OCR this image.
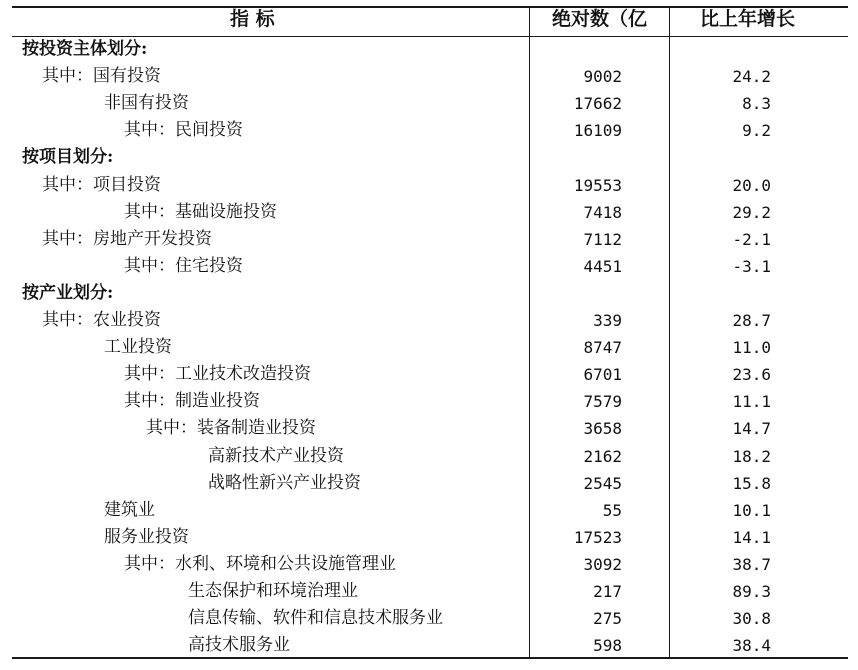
指 标	绝对数（亿	比上年增长
按投资主体划分:
其中：国有投资	9002	24.2
非国有投资	17662	8.3
其中：民间投资	16109	9.2
按项目划分:
其中：项目投资	19553	20.0
其中：基础设施投资	7418	29.2
其中：房地产开发投资	7112	-2.1
其中：住宅投资	4451	-3.1
按产业划分:
其中：农业投资	339	28.7
工业投资	8747	11.0
其中：工业技术改造投资	6701	23.6
其中：制造业投资	7579	11.1
其中：装备制造业投资	3658	14.7
高新技术产业投资	2162	18.2
战略性新兴产业投资	2545	15.8
建筑业	55	10.1
服务业投资	17523	14.1
其中：水利、环境和公共设施管理业	3092	38.7
生态保护和环境治理业	217	89.3
信息传输、软件和信息技术服务业	275	30.8
高技术服务业	598	38.4
